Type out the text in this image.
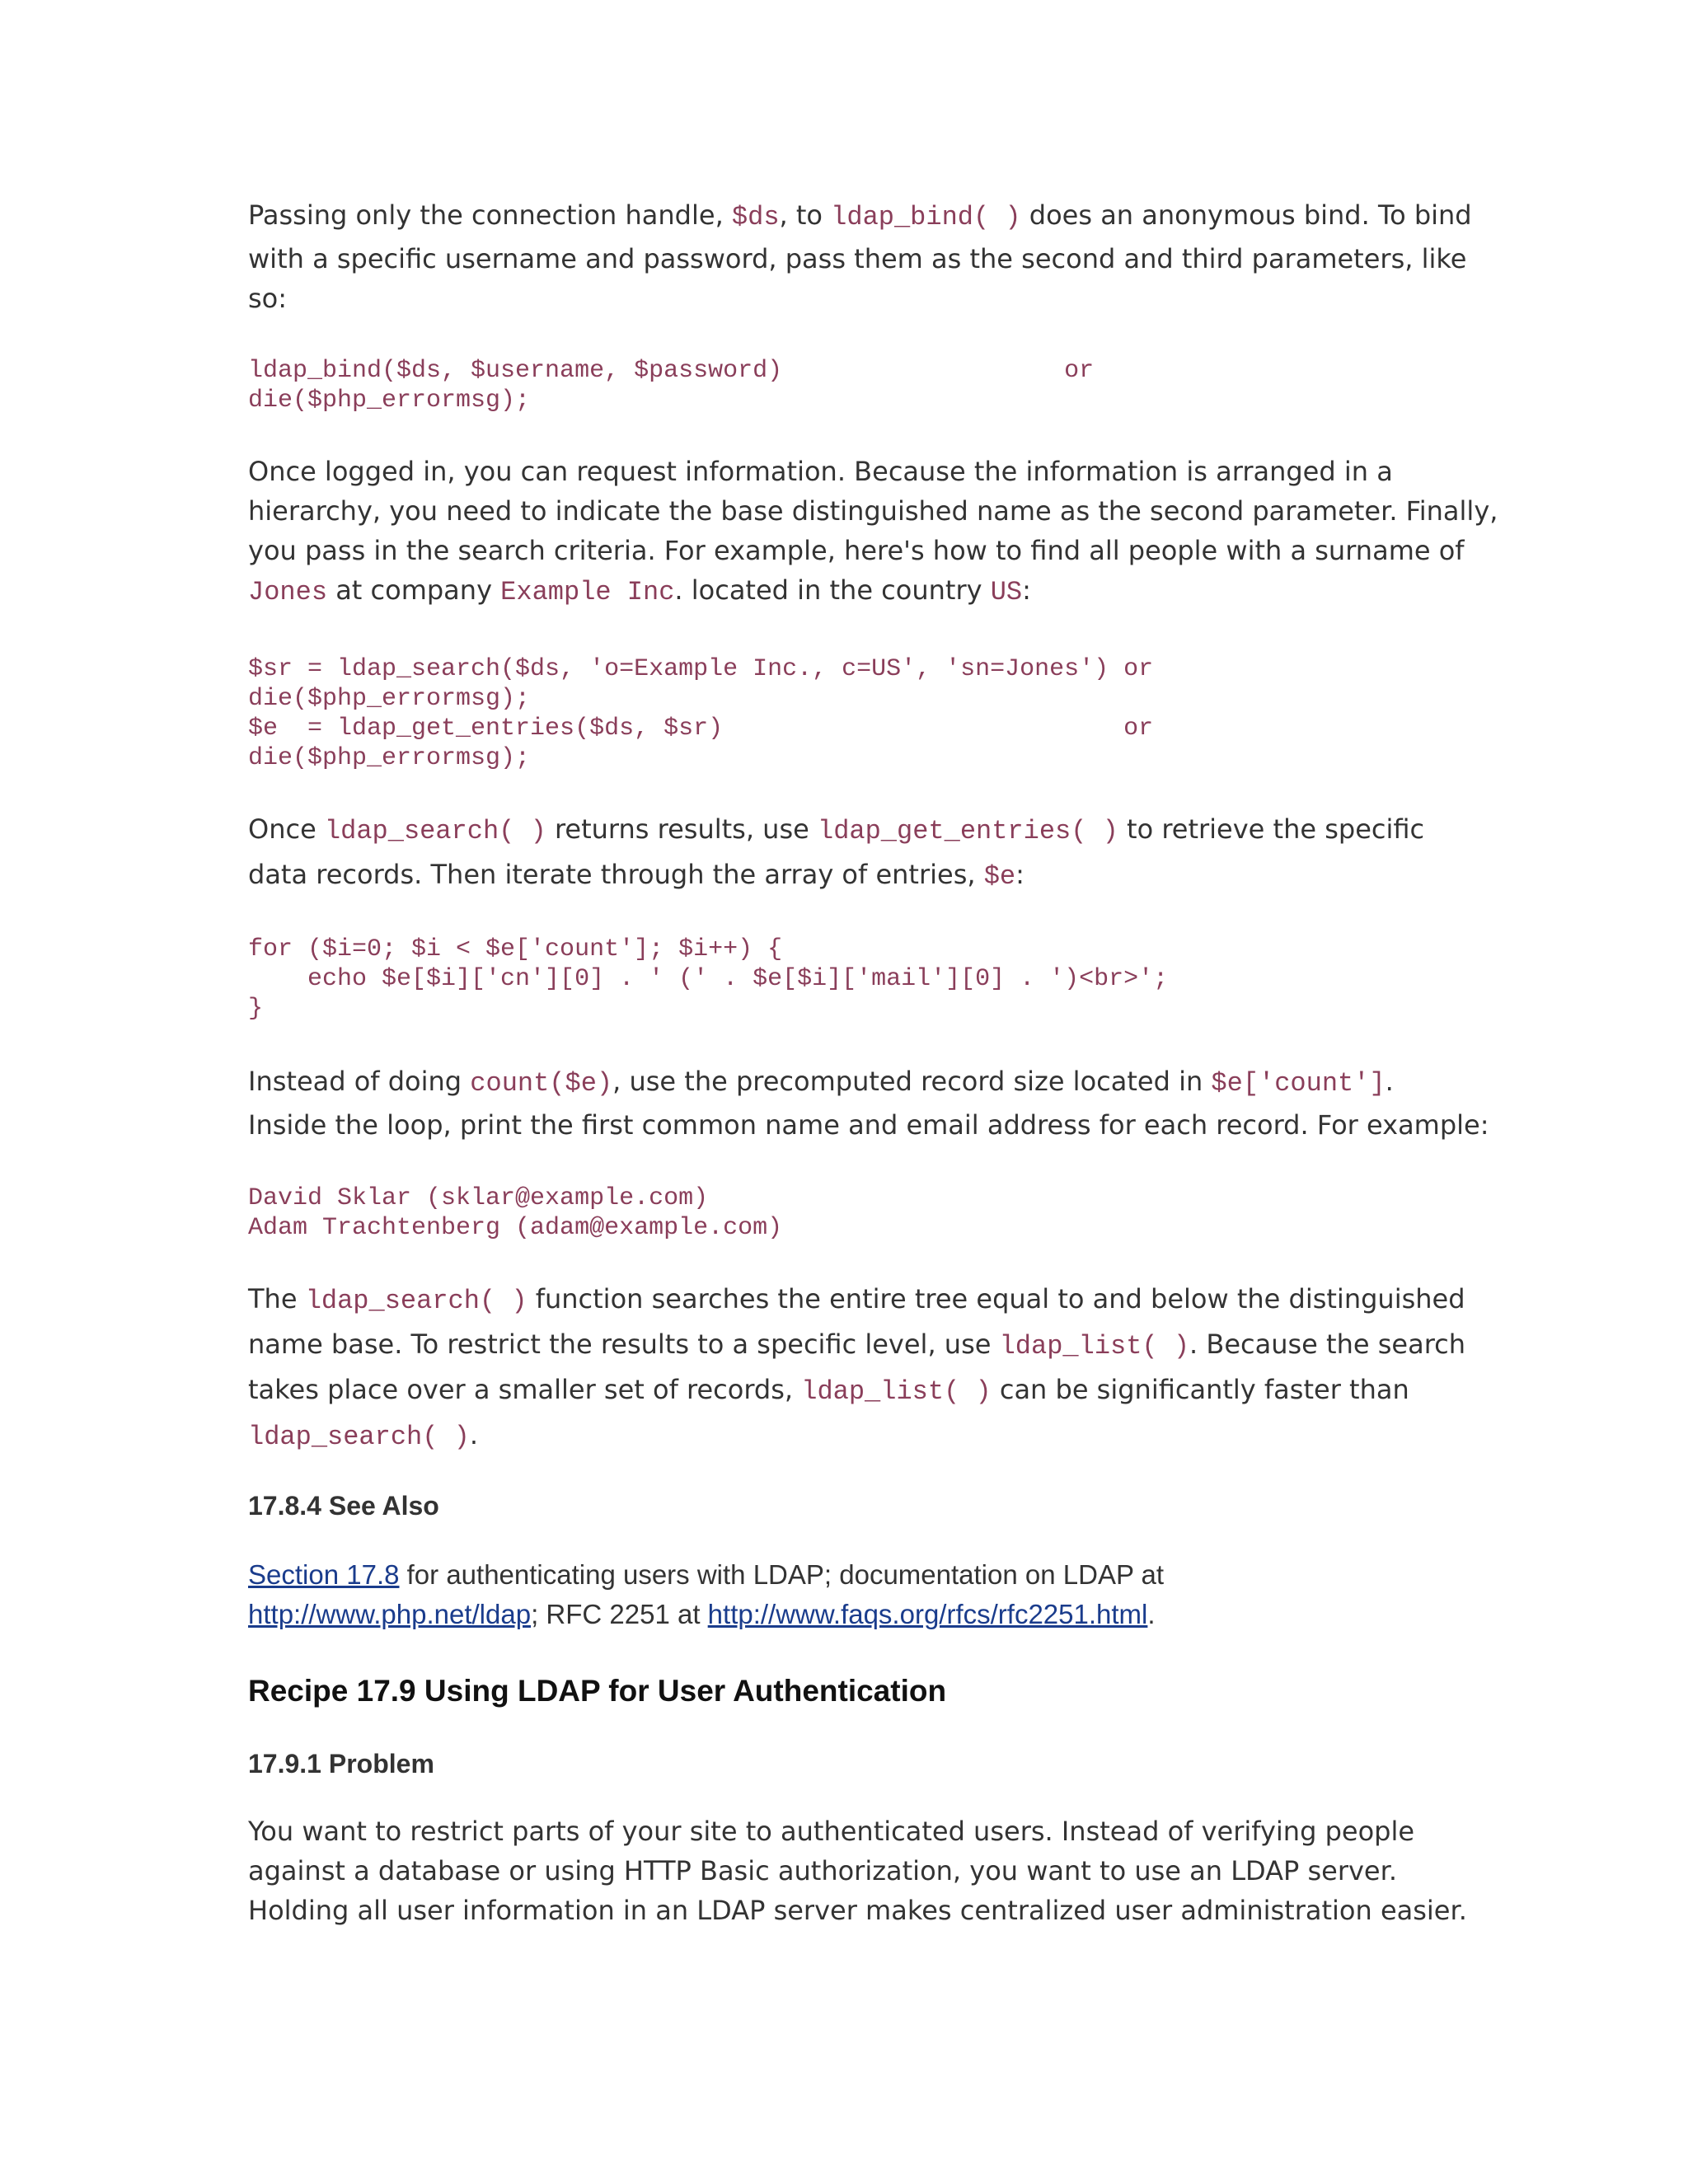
Passing only the connection handle, $ds, to ldap_bind( ) does an anonymous bind. To bind

with a specific username and password, pass them as the second and third parameters, like

so:

ldap_bind($ds, $username, $password)                   or
die($php_errormsg);

Once logged in, you can request information. Because the information is arranged in a

hierarchy, you need to indicate the base distinguished name as the second parameter. Finally,

you pass in the search criteria. For example, here's how to find all people with a surname of

Jones at company Example Inc. located in the country US:

$sr = ldap_search($ds, 'o=Example Inc., c=US', 'sn=Jones') or
die($php_errormsg);
$e  = ldap_get_entries($ds, $sr)                           or
die($php_errormsg);

Once ldap_search( ) returns results, use ldap_get_entries( ) to retrieve the specific

data records. Then iterate through the array of entries, $e:

for ($i=0; $i < $e['count']; $i++) {
echo $e[$i]['cn'][0] . ' (' . $e[$i]['mail'][0] . ')<br>';
}

Instead of doing count($e), use the precomputed record size located in $e['count'].

Inside the loop, print the first common name and email address for each record. For example:

David Sklar (sklar@example.com)
Adam Trachtenberg (adam@example.com)

The ldap_search( ) function searches the entire tree equal to and below the distinguished

name base. To restrict the results to a specific level, use ldap_list( ). Because the search

takes place over a smaller set of records, ldap_list( ) can be significantly faster than

ldap_search( ).

17.8.4 See Also

Section 17.8 for authenticating users with LDAP; documentation on LDAP at

http://www.php.net/ldap; RFC 2251 at http://www.faqs.org/rfcs/rfc2251.html.

Recipe 17.9 Using LDAP for User Authentication
17.9.1 Problem

You want to restrict parts of your site to authenticated users. Instead of verifying people

against a database or using HTTP Basic authorization, you want to use an LDAP server.

Holding all user information in an LDAP server makes centralized user administration easier.
